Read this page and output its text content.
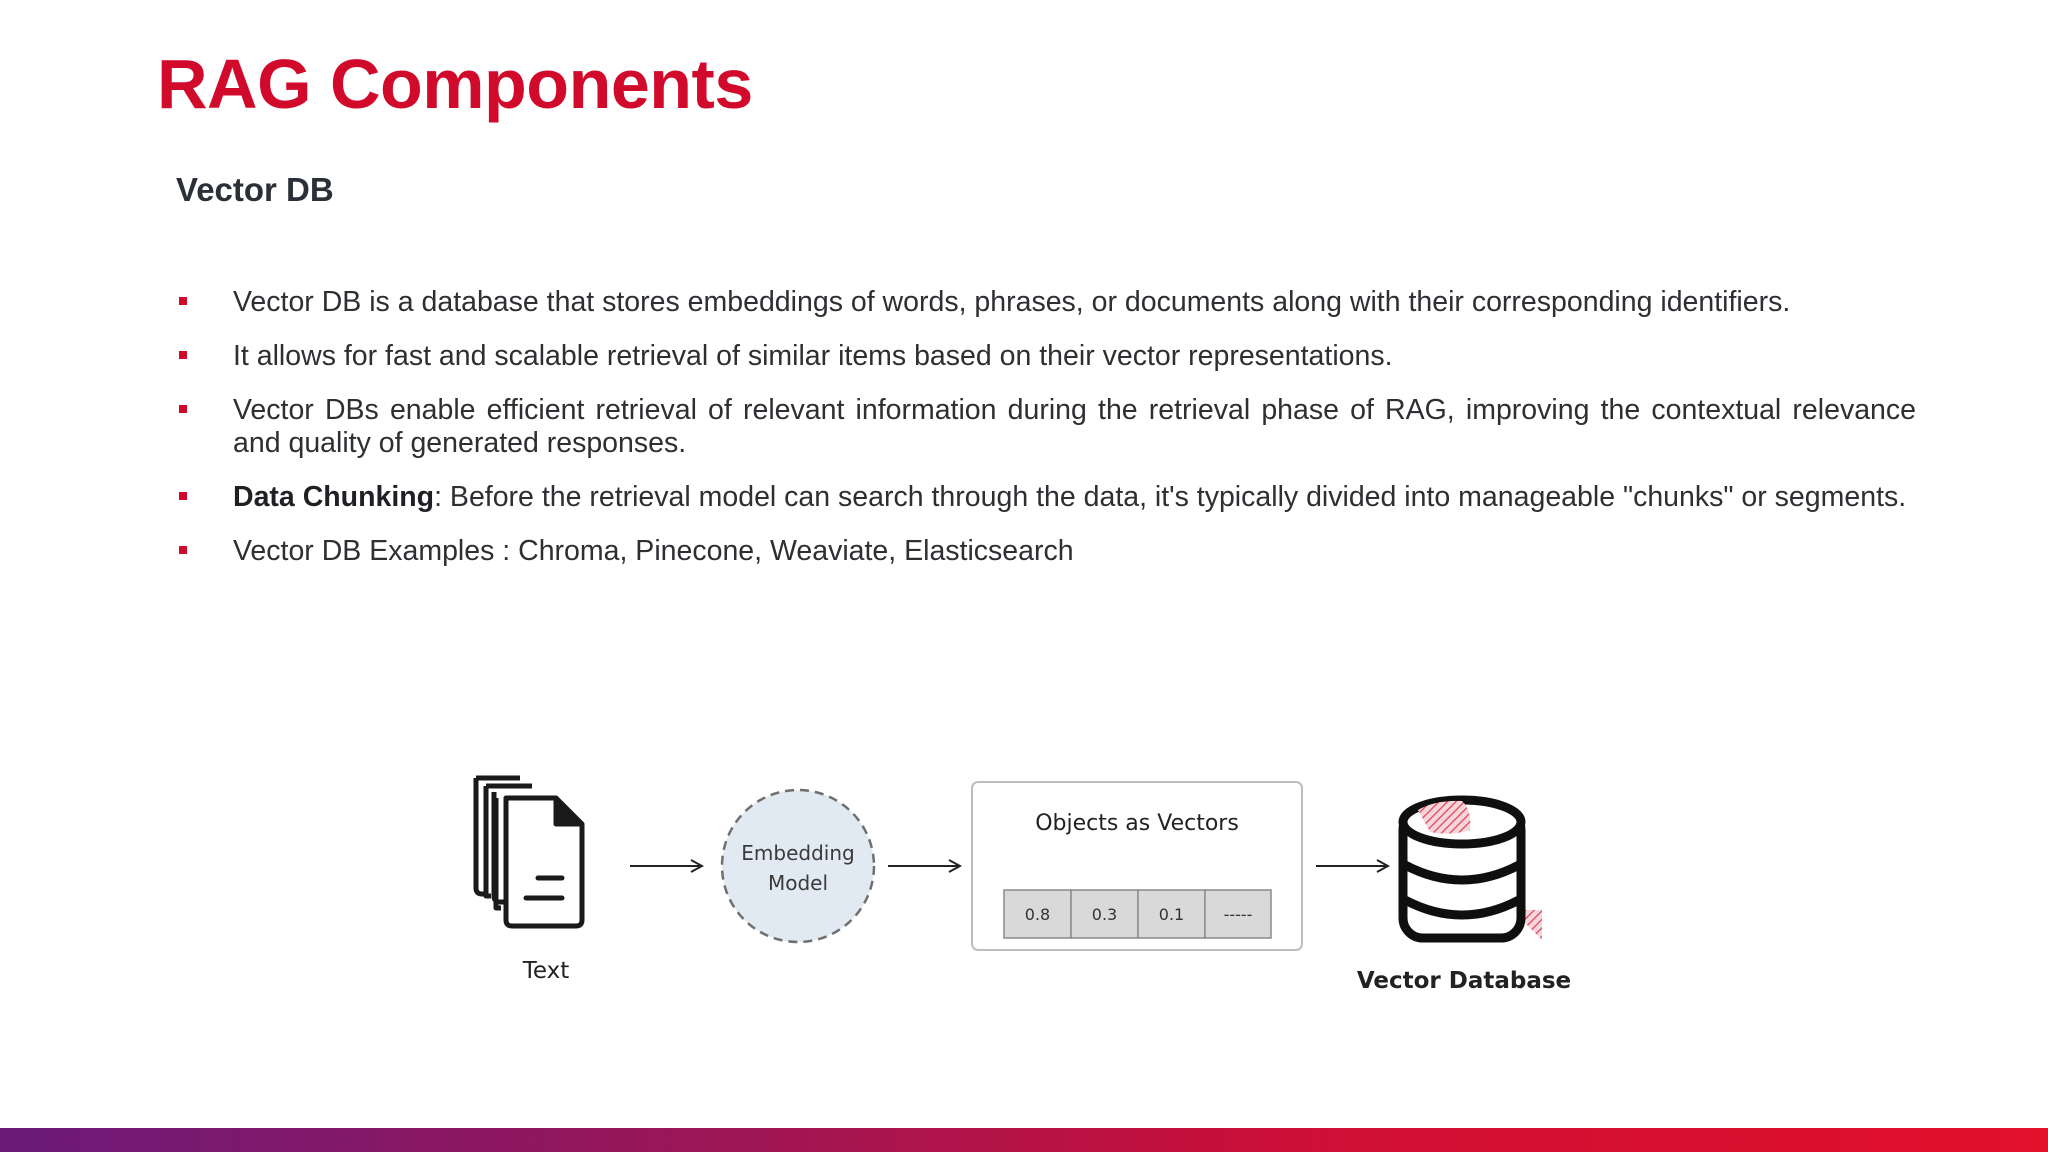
RAG Components
Vector DB
Vector DB is a database that stores embeddings of words, phrases, or documents along with their corresponding identifiers.
It allows for fast and scalable retrieval of similar items based on their vector representations.
Vector DBs enable efficient retrieval of relevant information during the retrieval phase of RAG, improving the contextual relevance and quality of generated responses.
Data Chunking: Before the retrieval model can search through the data, it's typically divided into manageable "chunks" or segments.
Vector DB Examples : Chroma, Pinecone, Weaviate, Elasticsearch
Text
Embedding
Model
Objects as Vectors
0.8	0.3	0.1 -----
Vector Database
